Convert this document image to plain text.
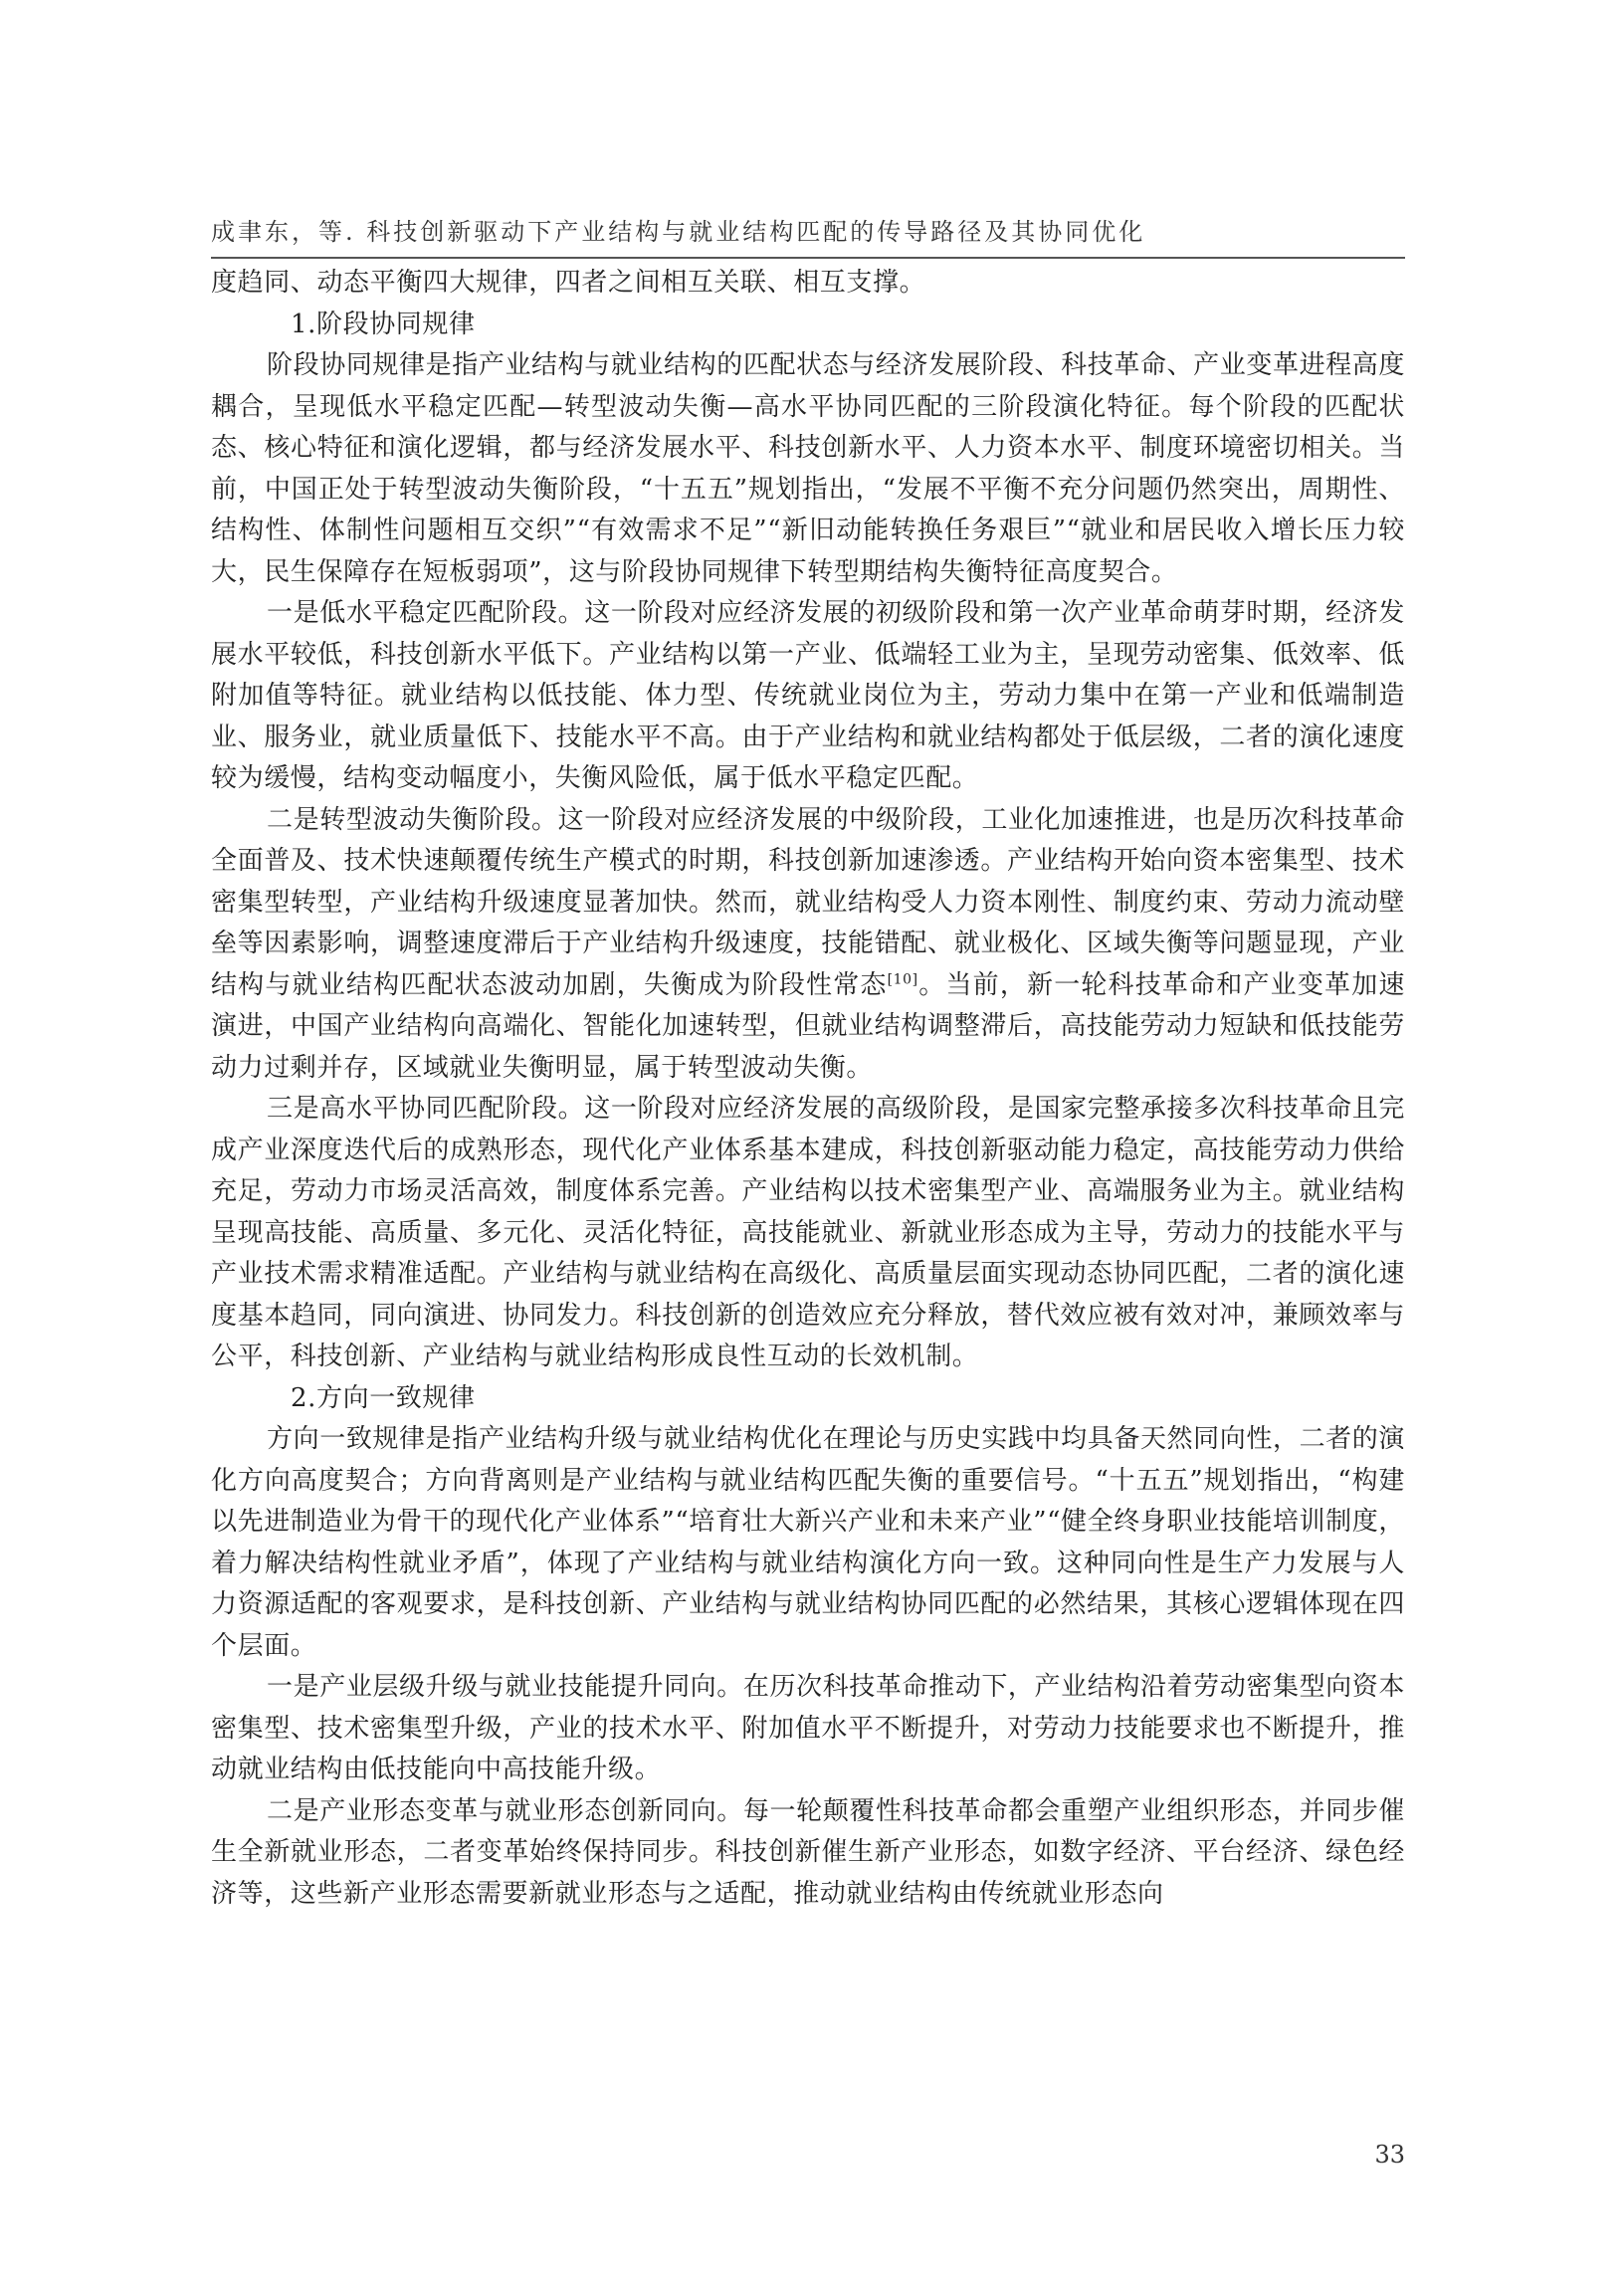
成聿东，等. 科技创新驱动下产业结构与就业结构匹配的传导路径及其协同优化

度趋同、动态平衡四大规律，四者之间相互关联、相互支撑。

1.阶段协同规律

阶段协同规律是指产业结构与就业结构的匹配状态与经济发展阶段、科技革命、产业变革进程高度耦合，呈现低水平稳定匹配—转型波动失衡—高水平协同匹配的三阶段演化特征。每个阶段的匹配状态、核心特征和演化逻辑，都与经济发展水平、科技创新水平、人力资本水平、制度环境密切相关。当前，中国正处于转型波动失衡阶段，“十五五”规划指出，“发展不平衡不充分问题仍然突出，周期性、结构性、体制性问题相互交织”“有效需求不足”“新旧动能转换任务艰巨”“就业和居民收入增长压力较大，民生保障存在短板弱项”，这与阶段协同规律下转型期结构失衡特征高度契合。

一是低水平稳定匹配阶段。这一阶段对应经济发展的初级阶段和第一次产业革命萌芽时期，经济发展水平较低，科技创新水平低下。产业结构以第一产业、低端轻工业为主，呈现劳动密集、低效率、低附加值等特征。就业结构以低技能、体力型、传统就业岗位为主，劳动力集中在第一产业和低端制造业、服务业，就业质量低下、技能水平不高。由于产业结构和就业结构都处于低层级，二者的演化速度较为缓慢，结构变动幅度小，失衡风险低，属于低水平稳定匹配。

二是转型波动失衡阶段。这一阶段对应经济发展的中级阶段，工业化加速推进，也是历次科技革命全面普及、技术快速颠覆传统生产模式的时期，科技创新加速渗透。产业结构开始向资本密集型、技术密集型转型，产业结构升级速度显著加快。然而，就业结构受人力资本刚性、制度约束、劳动力流动壁垒等因素影响，调整速度滞后于产业结构升级速度，技能错配、就业极化、区域失衡等问题显现，产业结构与就业结构匹配状态波动加剧，失衡成为阶段性常态[10]。当前，新一轮科技革命和产业变革加速演进，中国产业结构向高端化、智能化加速转型，但就业结构调整滞后，高技能劳动力短缺和低技能劳动力过剩并存，区域就业失衡明显，属于转型波动失衡。

三是高水平协同匹配阶段。这一阶段对应经济发展的高级阶段，是国家完整承接多次科技革命且完成产业深度迭代后的成熟形态，现代化产业体系基本建成，科技创新驱动能力稳定，高技能劳动力供给充足，劳动力市场灵活高效，制度体系完善。产业结构以技术密集型产业、高端服务业为主。就业结构呈现高技能、高质量、多元化、灵活化特征，高技能就业、新就业形态成为主导，劳动力的技能水平与产业技术需求精准适配。产业结构与就业结构在高级化、高质量层面实现动态协同匹配，二者的演化速度基本趋同，同向演进、协同发力。科技创新的创造效应充分释放，替代效应被有效对冲，兼顾效率与公平，科技创新、产业结构与就业结构形成良性互动的长效机制。

2.方向一致规律

方向一致规律是指产业结构升级与就业结构优化在理论与历史实践中均具备天然同向性，二者的演化方向高度契合；方向背离则是产业结构与就业结构匹配失衡的重要信号。“十五五”规划指出，“构建以先进制造业为骨干的现代化产业体系”“培育壮大新兴产业和未来产业”“健全终身职业技能培训制度，着力解决结构性就业矛盾”，体现了产业结构与就业结构演化方向一致。这种同向性是生产力发展与人力资源适配的客观要求，是科技创新、产业结构与就业结构协同匹配的必然结果，其核心逻辑体现在四个层面。

一是产业层级升级与就业技能提升同向。在历次科技革命推动下，产业结构沿着劳动密集型向资本密集型、技术密集型升级，产业的技术水平、附加值水平不断提升，对劳动力技能要求也不断提升，推动就业结构由低技能向中高技能升级。

二是产业形态变革与就业形态创新同向。每一轮颠覆性科技革命都会重塑产业组织形态，并同步催生全新就业形态，二者变革始终保持同步。科技创新催生新产业形态，如数字经济、平台经济、绿色经济等，这些新产业形态需要新就业形态与之适配，推动就业结构由传统就业形态向

33
